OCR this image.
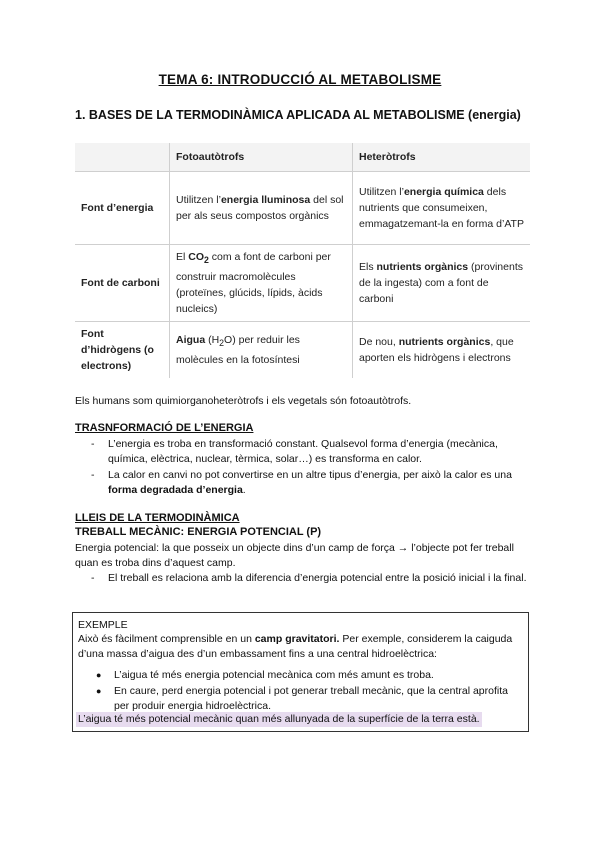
TEMA 6: INTRODUCCIÓ AL METABOLISME
1. BASES DE LA TERMODINÀMICA APLICADA AL METABOLISME (energia)
	Fotoautòtrofs	Heteròtrofs
Font d’energia	Utilitzen l’energia lluminosa del sol per als seus compostos orgànics	Utilitzen l’energia química dels nutrients que consumeixen, emmagatzemant-la en forma d’ATP
Font de carboni	El $CO_2$ com a font de carboni per construir macromolècules (proteïnes, glúcids, lípids, àcids nucleics)	Els nutrients orgànics (provinents de la ingesta) com a font de carboni
Font d’hidrògens (o electrons)	Aigua $(H_2O)$ per reduir les molècules en la fotosíntesi	De nou, nutrients orgànics, que aporten els hidrògens i electrons
Els humans som quimiorganoheteròtrofs i els vegetals són fotoautòtrofs.
TRASNFORMACIÓ DE L’ENERGIA
- L’energia es troba en transformació constant. Qualsevol forma d’energia (mecànica, química, elèctrica, nuclear, tèrmica, solar…) es transforma en calor.
- La calor en canvi no pot convertirse en un altre tipus d’energia, per això la calor es una forma degradada d’energia.
LLEIS DE LA TERMODINÀMICA
TREBALL MECÀNIC: ENERGIA POTENCIAL (P)
Energia potencial: la que posseix un objecte dins d’un camp de força → l’objecte pot fer treball quan es troba dins d’aquest camp.
- El treball es relaciona amb la diferencia d’energia potencial entre la posició inicial i la final.
EXEMPLE
Això és fàcilment comprensible en un camp gravitatori. Per exemple, considerem la caiguda d’una massa d’aigua des d’un embassament fins a una central hidroelèctrica:
● L’aigua té més energia potencial mecànica com més amunt es troba.
● En caure, perd energia potencial i pot generar treball mecànic, que la central aprofita per produir energia hidroelèctrica.
L’aigua té més potencial mecànic quan més allunyada de la superfície de la terra està.
